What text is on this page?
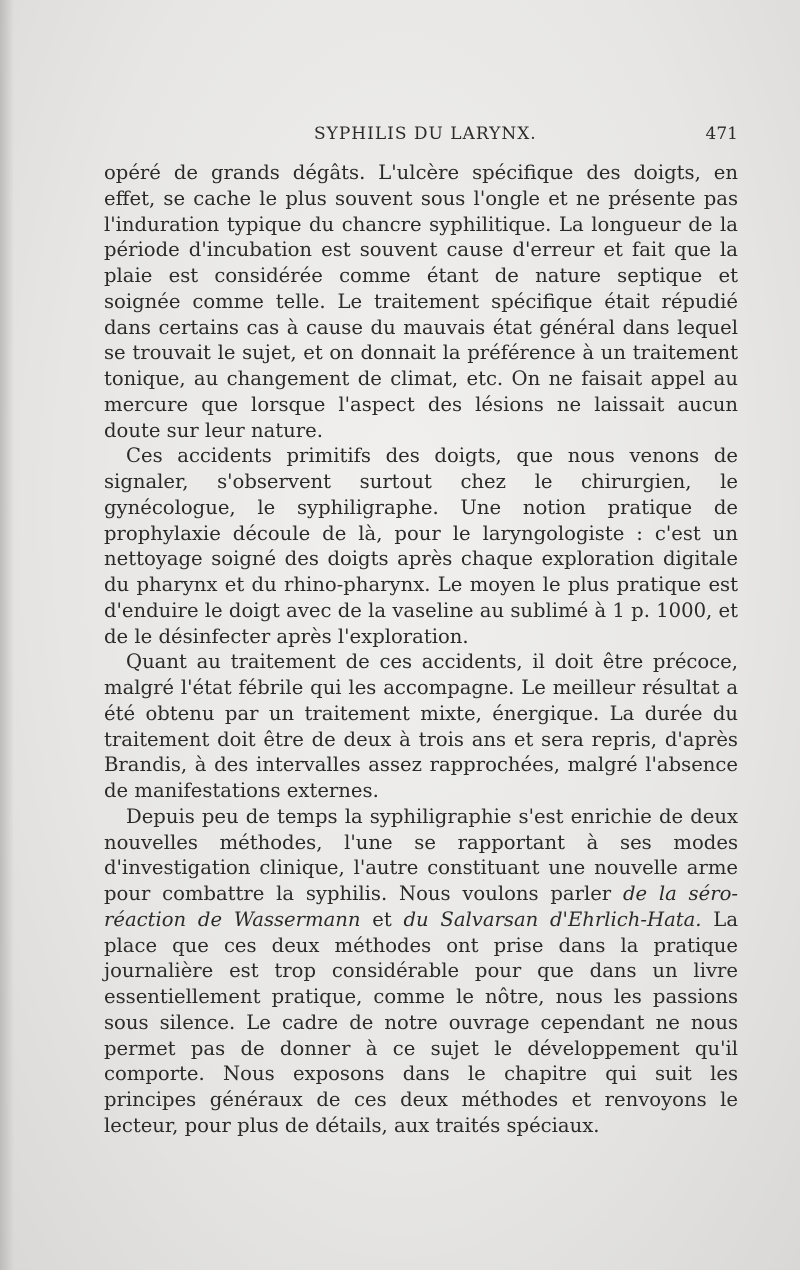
SYPHILIS DU LARYNX.	471

opéré de grands dégâts. L'ulcère spécifique des doigts, en effet, se cache le plus souvent sous l'ongle et ne présente pas l'induration typique du chancre syphilitique. La longueur de la période d'incubation est souvent cause d'erreur et fait que la plaie est considérée comme étant de nature septique et soignée comme telle. Le traitement spécifique était répudié dans certains cas à cause du mauvais état général dans lequel se trouvait le sujet, et on donnait la préférence à un traitement tonique, au changement de climat, etc. On ne faisait appel au mercure que lorsque l'aspect des lésions ne laissait aucun doute sur leur nature.

Ces accidents primitifs des doigts, que nous venons de signaler, s'observent surtout chez le chirurgien, le gynécologue, le syphiligraphe. Une notion pratique de prophylaxie découle de là, pour le laryngologiste : c'est un nettoyage soigné des doigts après chaque exploration digitale du pharynx et du rhino-pharynx. Le moyen le plus pratique est d'enduire le doigt avec de la vaseline au sublimé à 1 p. 1000, et de le désinfecter après l'exploration.

Quant au traitement de ces accidents, il doit être précoce, malgré l'état fébrile qui les accompagne. Le meilleur résultat a été obtenu par un traitement mixte, énergique. La durée du traitement doit être de deux à trois ans et sera repris, d'après Brandis, à des intervalles assez rapprochées, malgré l'absence de manifestations externes.

Depuis peu de temps la syphiligraphie s'est enrichie de deux nouvelles méthodes, l'une se rapportant à ses modes d'investigation clinique, l'autre constituant une nouvelle arme pour combattre la syphilis. Nous voulons parler de la séro-réaction de Wassermann et du Salvarsan d'Ehrlich-Hata. La place que ces deux méthodes ont prise dans la pratique journalière est trop considérable pour que dans un livre essentiellement pratique, comme le nôtre, nous les passions sous silence. Le cadre de notre ouvrage cependant ne nous permet pas de donner à ce sujet le développement qu'il comporte. Nous exposons dans le chapitre qui suit les principes généraux de ces deux méthodes et renvoyons le lecteur, pour plus de détails, aux traités spéciaux.
